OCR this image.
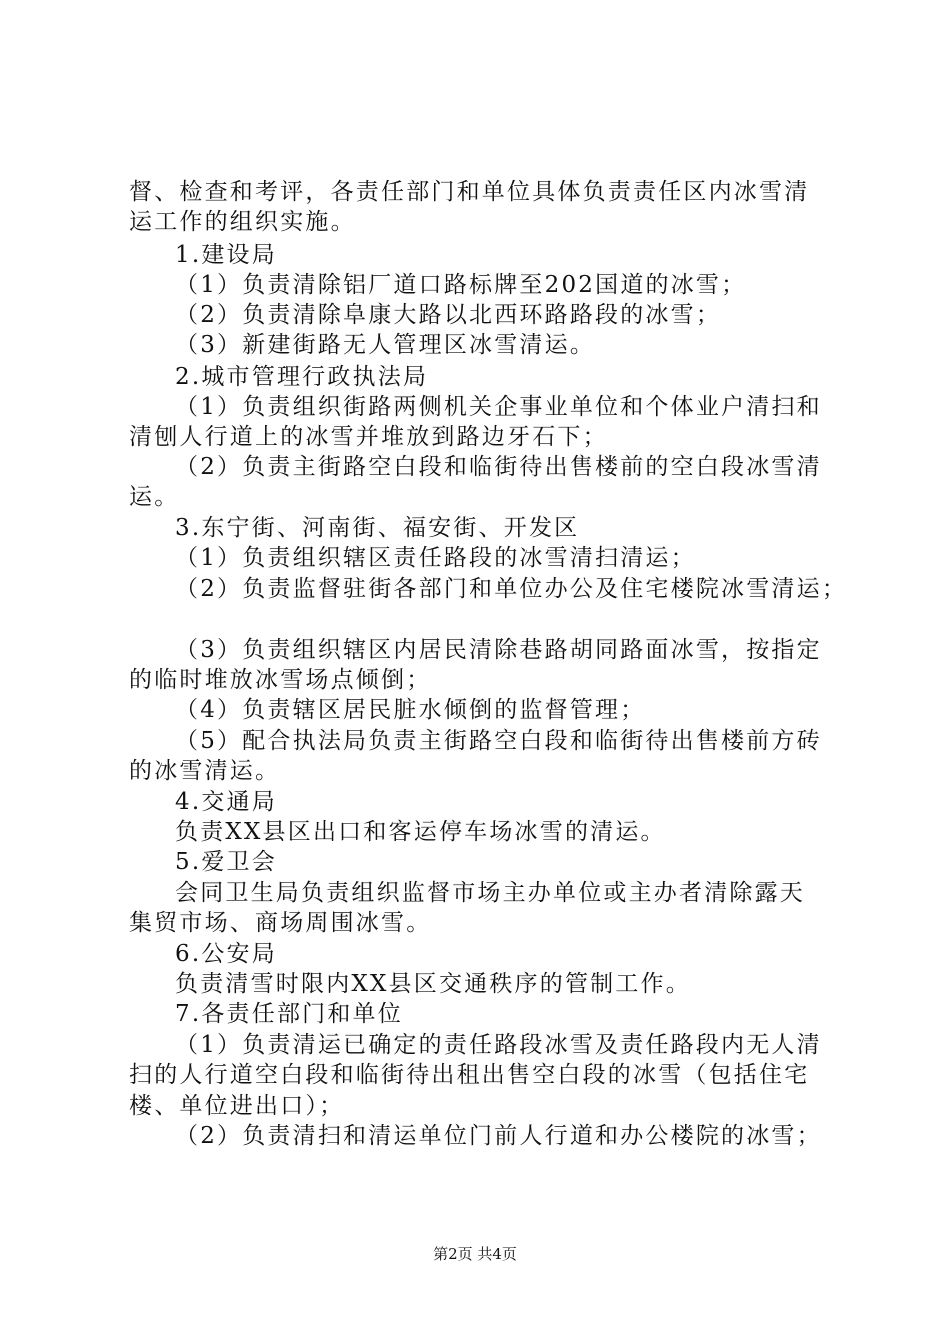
督、检查和考评，各责任部门和单位具体负责责任区内冰雪清
运工作的组织实施。
1.建设局
（1）负责清除铝厂道口路标牌至202国道的冰雪；
（2）负责清除阜康大路以北西环路路段的冰雪；
（3）新建街路无人管理区冰雪清运。
2.城市管理行政执法局
（1）负责组织街路两侧机关企事业单位和个体业户清扫和
清刨人行道上的冰雪并堆放到路边牙石下；
（2）负责主街路空白段和临街待出售楼前的空白段冰雪清
运。
3.东宁街、河南街、福安街、开发区
（1）负责组织辖区责任路段的冰雪清扫清运；
（2）负责监督驻街各部门和单位办公及住宅楼院冰雪清运；
（3）负责组织辖区内居民清除巷路胡同路面冰雪，按指定
的临时堆放冰雪场点倾倒；
（4）负责辖区居民脏水倾倒的监督管理；
（5）配合执法局负责主街路空白段和临街待出售楼前方砖
的冰雪清运。
4.交通局
负责XX县区出口和客运停车场冰雪的清运。
5.爱卫会
会同卫生局负责组织监督市场主办单位或主办者清除露天
集贸市场、商场周围冰雪。
6.公安局
负责清雪时限内XX县区交通秩序的管制工作。
7.各责任部门和单位
（1）负责清运已确定的责任路段冰雪及责任路段内无人清
扫的人行道空白段和临街待出租出售空白段的冰雪（包括住宅
楼、单位进出口）；
（2）负责清扫和清运单位门前人行道和办公楼院的冰雪；
第2页 共4页
